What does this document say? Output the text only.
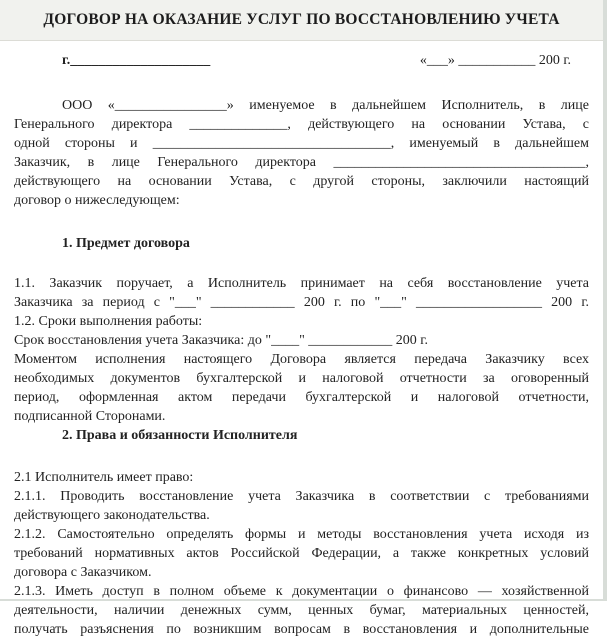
ДОГОВОР НА ОКАЗАНИЕ УСЛУГ ПО ВОССТАНОВЛЕНИЮ УЧЕТА
г.____________________	«___» ___________ 200 г.

ООО «________________» именуемое в дальнейшем Исполнитель, в лице

Генерального директора ______________, действующего на основании Устава, с

одной стороны и __________________________________, именуемый в дальнейшем

Заказчик, в лице Генерального директора ____________________________________,

действующего на основании Устава, с другой стороны, заключили настоящий

договор о нижеследующем:

1. Предмет договора

1.1. Заказчик поручает, а Исполнитель принимает на себя восстановление учета

Заказчика за период с "___" ____________ 200 г. по "___" __________________ 200 г.

1.2. Сроки выполнения работы:

Срок восстановления учета Заказчика: до "____" ____________ 200 г.

Моментом исполнения настоящего Договора является передача Заказчику всех

необходимых документов бухгалтерской и налоговой отчетности за оговоренный

период, оформленная актом передачи бухгалтерской и налоговой отчетности,

подписанной Сторонами.

2. Права и обязанности Исполнителя

2.1 Исполнитель имеет право:

2.1.1. Проводить восстановление учета Заказчика в соответствии с требованиями

действующего законодательства.

2.1.2. Самостоятельно определять формы и методы восстановления учета исходя из

требований нормативных актов Российской Федерации, а также конкретных условий

договора с Заказчиком.

2.1.3. Иметь доступ в полном объеме к документации о финансово — хозяйственной

деятельности, наличии денежных сумм, ценных бумаг, материальных ценностей,

получать разъяснения по возникшим вопросам в восстановления и дополнительные
